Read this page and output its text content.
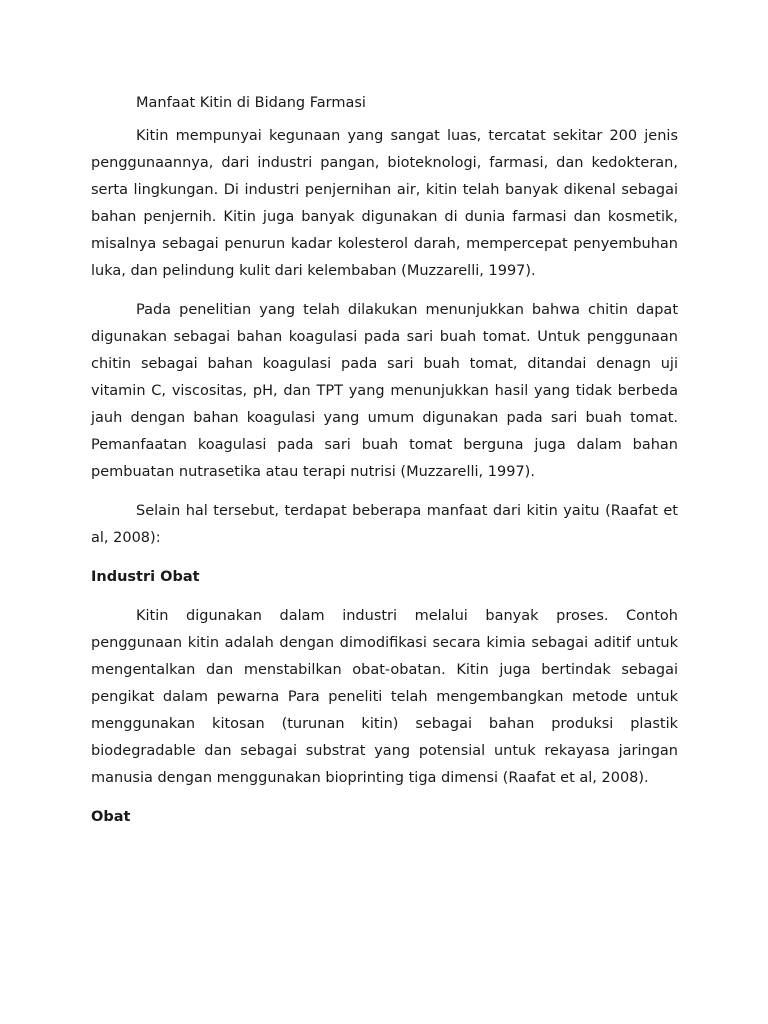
Manfaat Kitin di Bidang Farmasi

Kitin mempunyai kegunaan yang sangat luas, tercatat sekitar 200 jenis penggunaannya, dari industri pangan, bioteknologi, farmasi, dan kedokteran, serta lingkungan. Di industri penjernihan air, kitin telah banyak dikenal sebagai bahan penjernih. Kitin juga banyak digunakan di dunia farmasi dan kosmetik, misalnya sebagai penurun kadar kolesterol darah, mempercepat penyembuhan luka, dan pelindung kulit dari kelembaban (Muzzarelli, 1997).

Pada penelitian yang telah dilakukan menunjukkan bahwa chitin dapat digunakan sebagai bahan koagulasi pada sari buah tomat. Untuk penggunaan chitin sebagai bahan koagulasi pada sari buah tomat, ditandai denagn uji vitamin C, viscositas, pH, dan TPT yang menunjukkan hasil yang tidak berbeda jauh dengan bahan koagulasi yang umum digunakan pada sari buah tomat. Pemanfaatan koagulasi pada sari buah tomat berguna juga dalam bahan pembuatan nutrasetika atau terapi nutrisi (Muzzarelli, 1997).

Selain hal tersebut, terdapat beberapa manfaat dari kitin yaitu (Raafat et al, 2008):

Industri Obat

Kitin digunakan dalam industri melalui banyak proses. Contoh penggunaan kitin adalah dengan dimodifikasi secara kimia sebagai aditif untuk mengentalkan dan menstabilkan obat-obatan. Kitin juga bertindak sebagai pengikat dalam pewarna Para peneliti telah mengembangkan metode untuk menggunakan kitosan (turunan kitin) sebagai bahan produksi plastik biodegradable dan sebagai substrat yang potensial untuk rekayasa jaringan manusia dengan menggunakan bioprinting tiga dimensi (Raafat et al, 2008).

Obat
